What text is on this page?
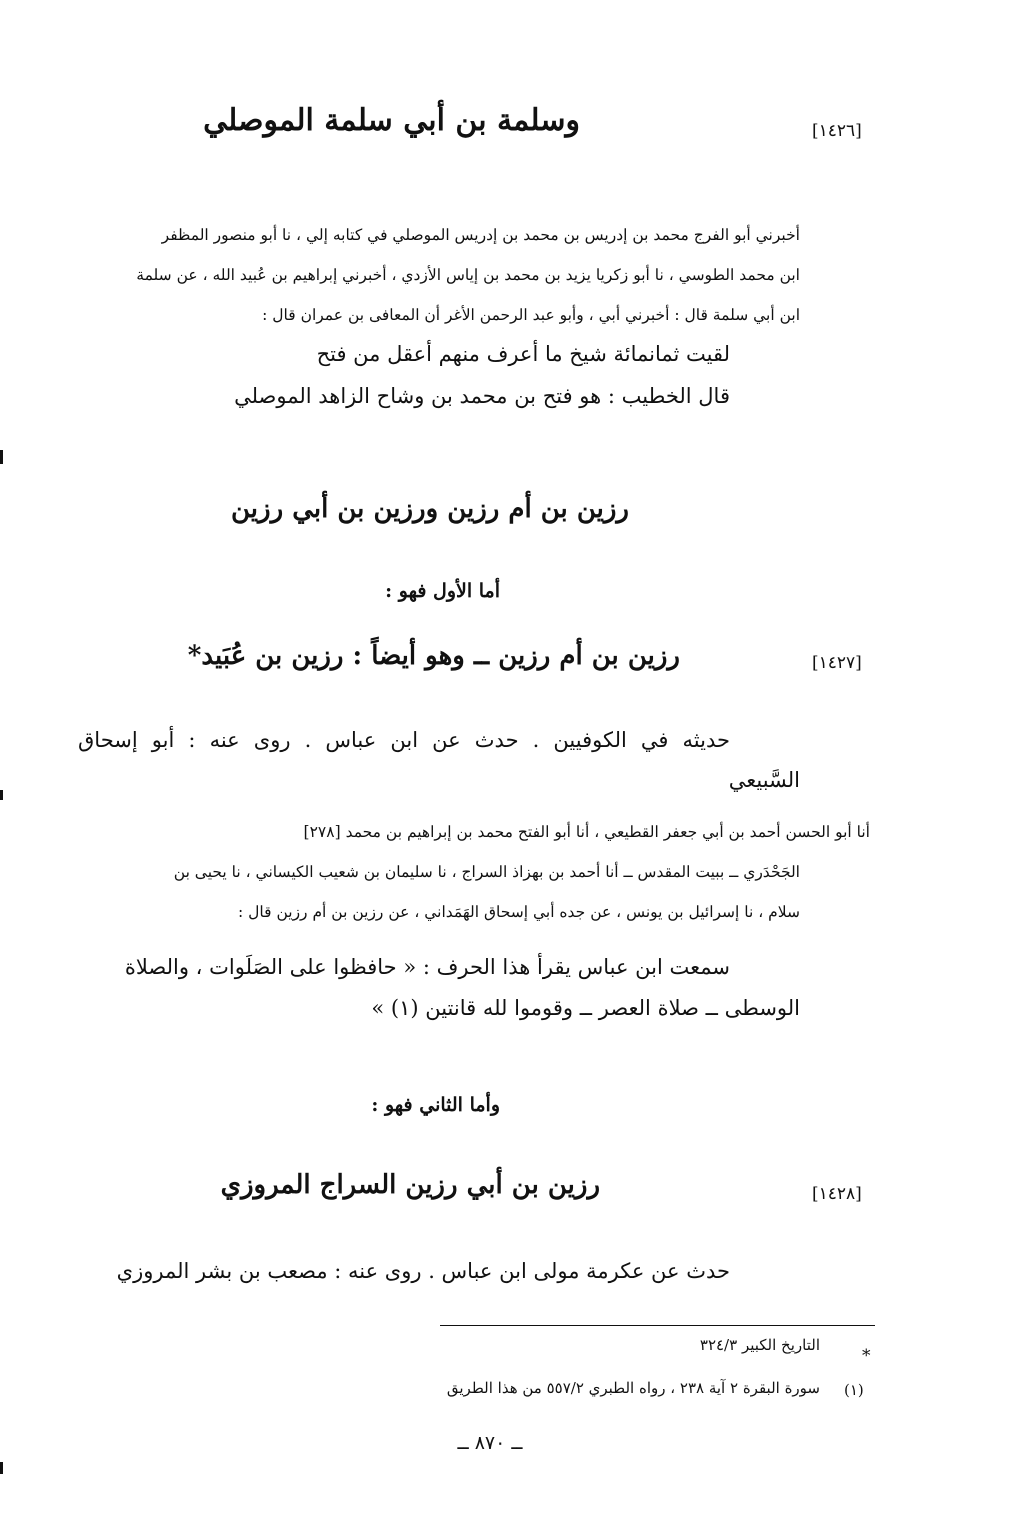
[١٤٢٦]
وسلمة بن أبي سلمة الموصلي

أخبرني أبو الفرج محمد بن إدريس بن محمد بن إدريس الموصلي في كتابه إلي ، نا أبو منصور المظفر

ابن محمد الطوسي ، نا أبو زكريا يزيد بن محمد بن إياس الأزدي ، أخبرني إبراهيم بن عُبيد الله ، عن سلمة

ابن أبي سلمة قال : أخبرني أبي ، وأبو عبد الرحمن الأغر أن المعافى بن عمران قال :

لقيت ثمانمائة شيخ ما أعرف منهم أعقل من فتح
قال الخطيب : هو فتح بن محمد بن وشاح الزاهد الموصلي
رزين بن أم رزين ورزين بن أبي رزين
أما الأول فهو :
[١٤٢٧]
رزين بن أم رزين ــ وهو أيضاً : رزين بن عُبَيد*
حديثه في الكوفيين . حدث عن ابن عباس . روى عنه : أبو إسحاق
السَّبيعي

أنا أبو الحسن أحمد بن أبي جعفر القطيعي ، أنا أبو الفتح محمد بن إبراهيم بن محمد [٢٧٨]

الجَحْدَري ــ ببيت المقدس ــ أنا أحمد بن بهزاذ السراج ، نا سليمان بن شعيب الكيساني ، نا يحيى بن

سلام ، نا إسرائيل بن يونس ، عن جده أبي إسحاق الهَمَداني ، عن رزين بن أم رزين قال :

سمعت ابن عباس يقرأ هذا الحرف : « حافظوا على الصَلَوات ، والصلاة
الوسطى ــ صلاة العصر ــ وقوموا لله قانتين (١) »
وأما الثاني فهو :
[١٤٢٨]
رزين بن أبي رزين السراج المروزي
حدث عن عكرمة مولى ابن عباس . روى عنه : مصعب بن بشر المروزي
*
التاريخ الكبير ٣٢٤/٣
(١)
سورة البقرة ٢ آية ٢٣٨ ، رواه الطبري ٥٥٧/٢ من هذا الطريق
ــ ٨٧٠ ــ
